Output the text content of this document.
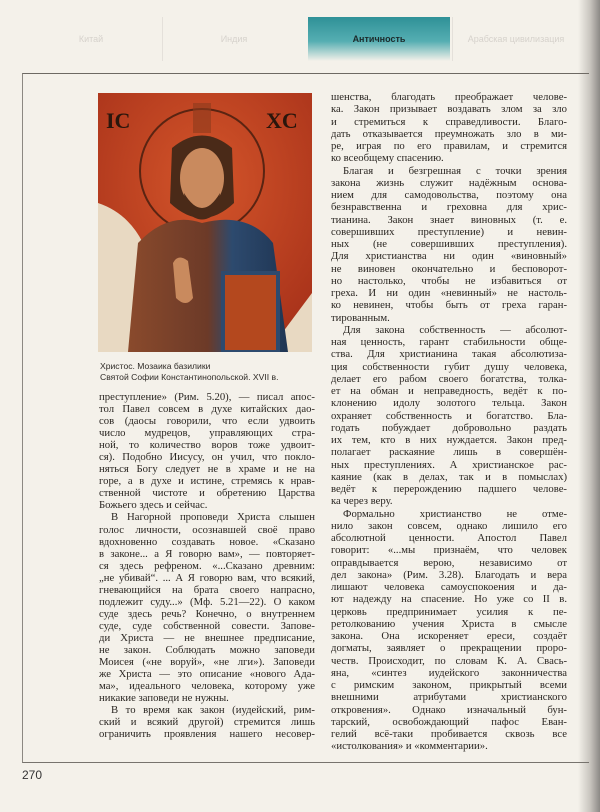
Китай	Индия	Античность	Арабская цивилизация
IC	XC
Христос. Мозаика базилики
Святой Софии Константинопольской. XVII в.
преступление» (Рим. 5.20), — писал апос-
тол Павел совсем в духе китайских дао-
сов (даосы говорили, что если удвоить
число мудрецов, управляющих стра-
ной, то количество воров тоже удвоит-
ся). Подобно Иисусу, он учил, что покло-
няться Богу следует не в храме и не на
горе, а в духе и истине, стремясь к нрав-
ственной чистоте и обретению Царства
Божьего здесь и сейчас.
В Нагорной проповеди Христа слышен
голос личности, осознавшей своё право
вдохновенно создавать новое. «Сказано
в законе... а Я говорю вам», — повторяет-
ся здесь рефреном. «...Сказано древним:
„не убивай“. ... А Я говорю вам, что всякий,
гневающийся на брата своего напрасно,
подлежит суду...» (Мф. 5.21—22). О каком
суде здесь речь? Конечно, о внутреннем
суде, суде собственной совести. Запове-
ди Христа — не внешнее предписание,
не закон. Соблюдать можно заповеди
Моисея («не воруй», «не лги»). Заповеди
же Христа — это описание «нового Ада-
ма», идеального человека, которому уже
никакие заповеди не нужны.
В то время как закон (иудейский, рим-
ский и всякий другой) стремится лишь
ограничить проявления нашего несовер-
шенства, благодать преображает челове-
ка. Закон призывает воздавать злом за зло
и стремиться к справедливости. Благо-
дать отказывается преумножать зло в ми-
ре, играя по его правилам, и стремится
ко всеобщему спасению.
Благая и безгрешная с точки зрения
закона жизнь служит надёжным основа-
нием для самодовольства, поэтому она
безнравственна и греховна для хрис-
тианина. Закон знает виновных (т. е.
совершивших преступление) и невин-
ных (не совершивших преступления).
Для христианства ни один «виновный»
не виновен окончательно и бесповорот-
но настолько, чтобы не избавиться от
греха. И ни один «невинный» не настоль-
ко невинен, чтобы быть от греха гаран-
тированным.
Для закона собственность — абсолют-
ная ценность, гарант стабильности обще-
ства. Для христианина такая абсолютиза-
ция собственности губит душу человека,
делает его рабом своего богатства, толка-
ет на обман и неправедность, ведёт к по-
клонению идолу золотого тельца. Закон
охраняет собственность и богатство. Бла-
годать побуждает добровольно раздать
их тем, кто в них нуждается. Закон пред-
полагает раскаяние лишь в совершён-
ных преступлениях. А христианское рас-
каяние (как в делах, так и в помыслах)
ведёт к перерождению падшего челове-
ка через веру.
Формально христианство не отме-
нило закон совсем, однако лишило его
абсолютной ценности. Апостол Павел
говорит: «...мы признаём, что человек
оправдывается верою, независимо от
дел закона» (Рим. 3.28). Благодать и вера
лишают человека самоуспокоения и да-
ют надежду на спасение. Но уже со II в.
церковь предпринимает усилия к пе-
ретолкованию учения Христа в смысле
закона. Она искореняет ереси, создаёт
догматы, заявляет о прекращении проро-
честв. Происходит, по словам К. А. Свась-
яна, «синтез иудейского законничества
с римским законом, прикрытый всеми
внешними атрибутами христианского
откровения». Однако изначальный бун-
тарский, освобождающий пафос Еван-
гелий всё-таки пробивается сквозь все
«истолкования» и «комментарии».
270
